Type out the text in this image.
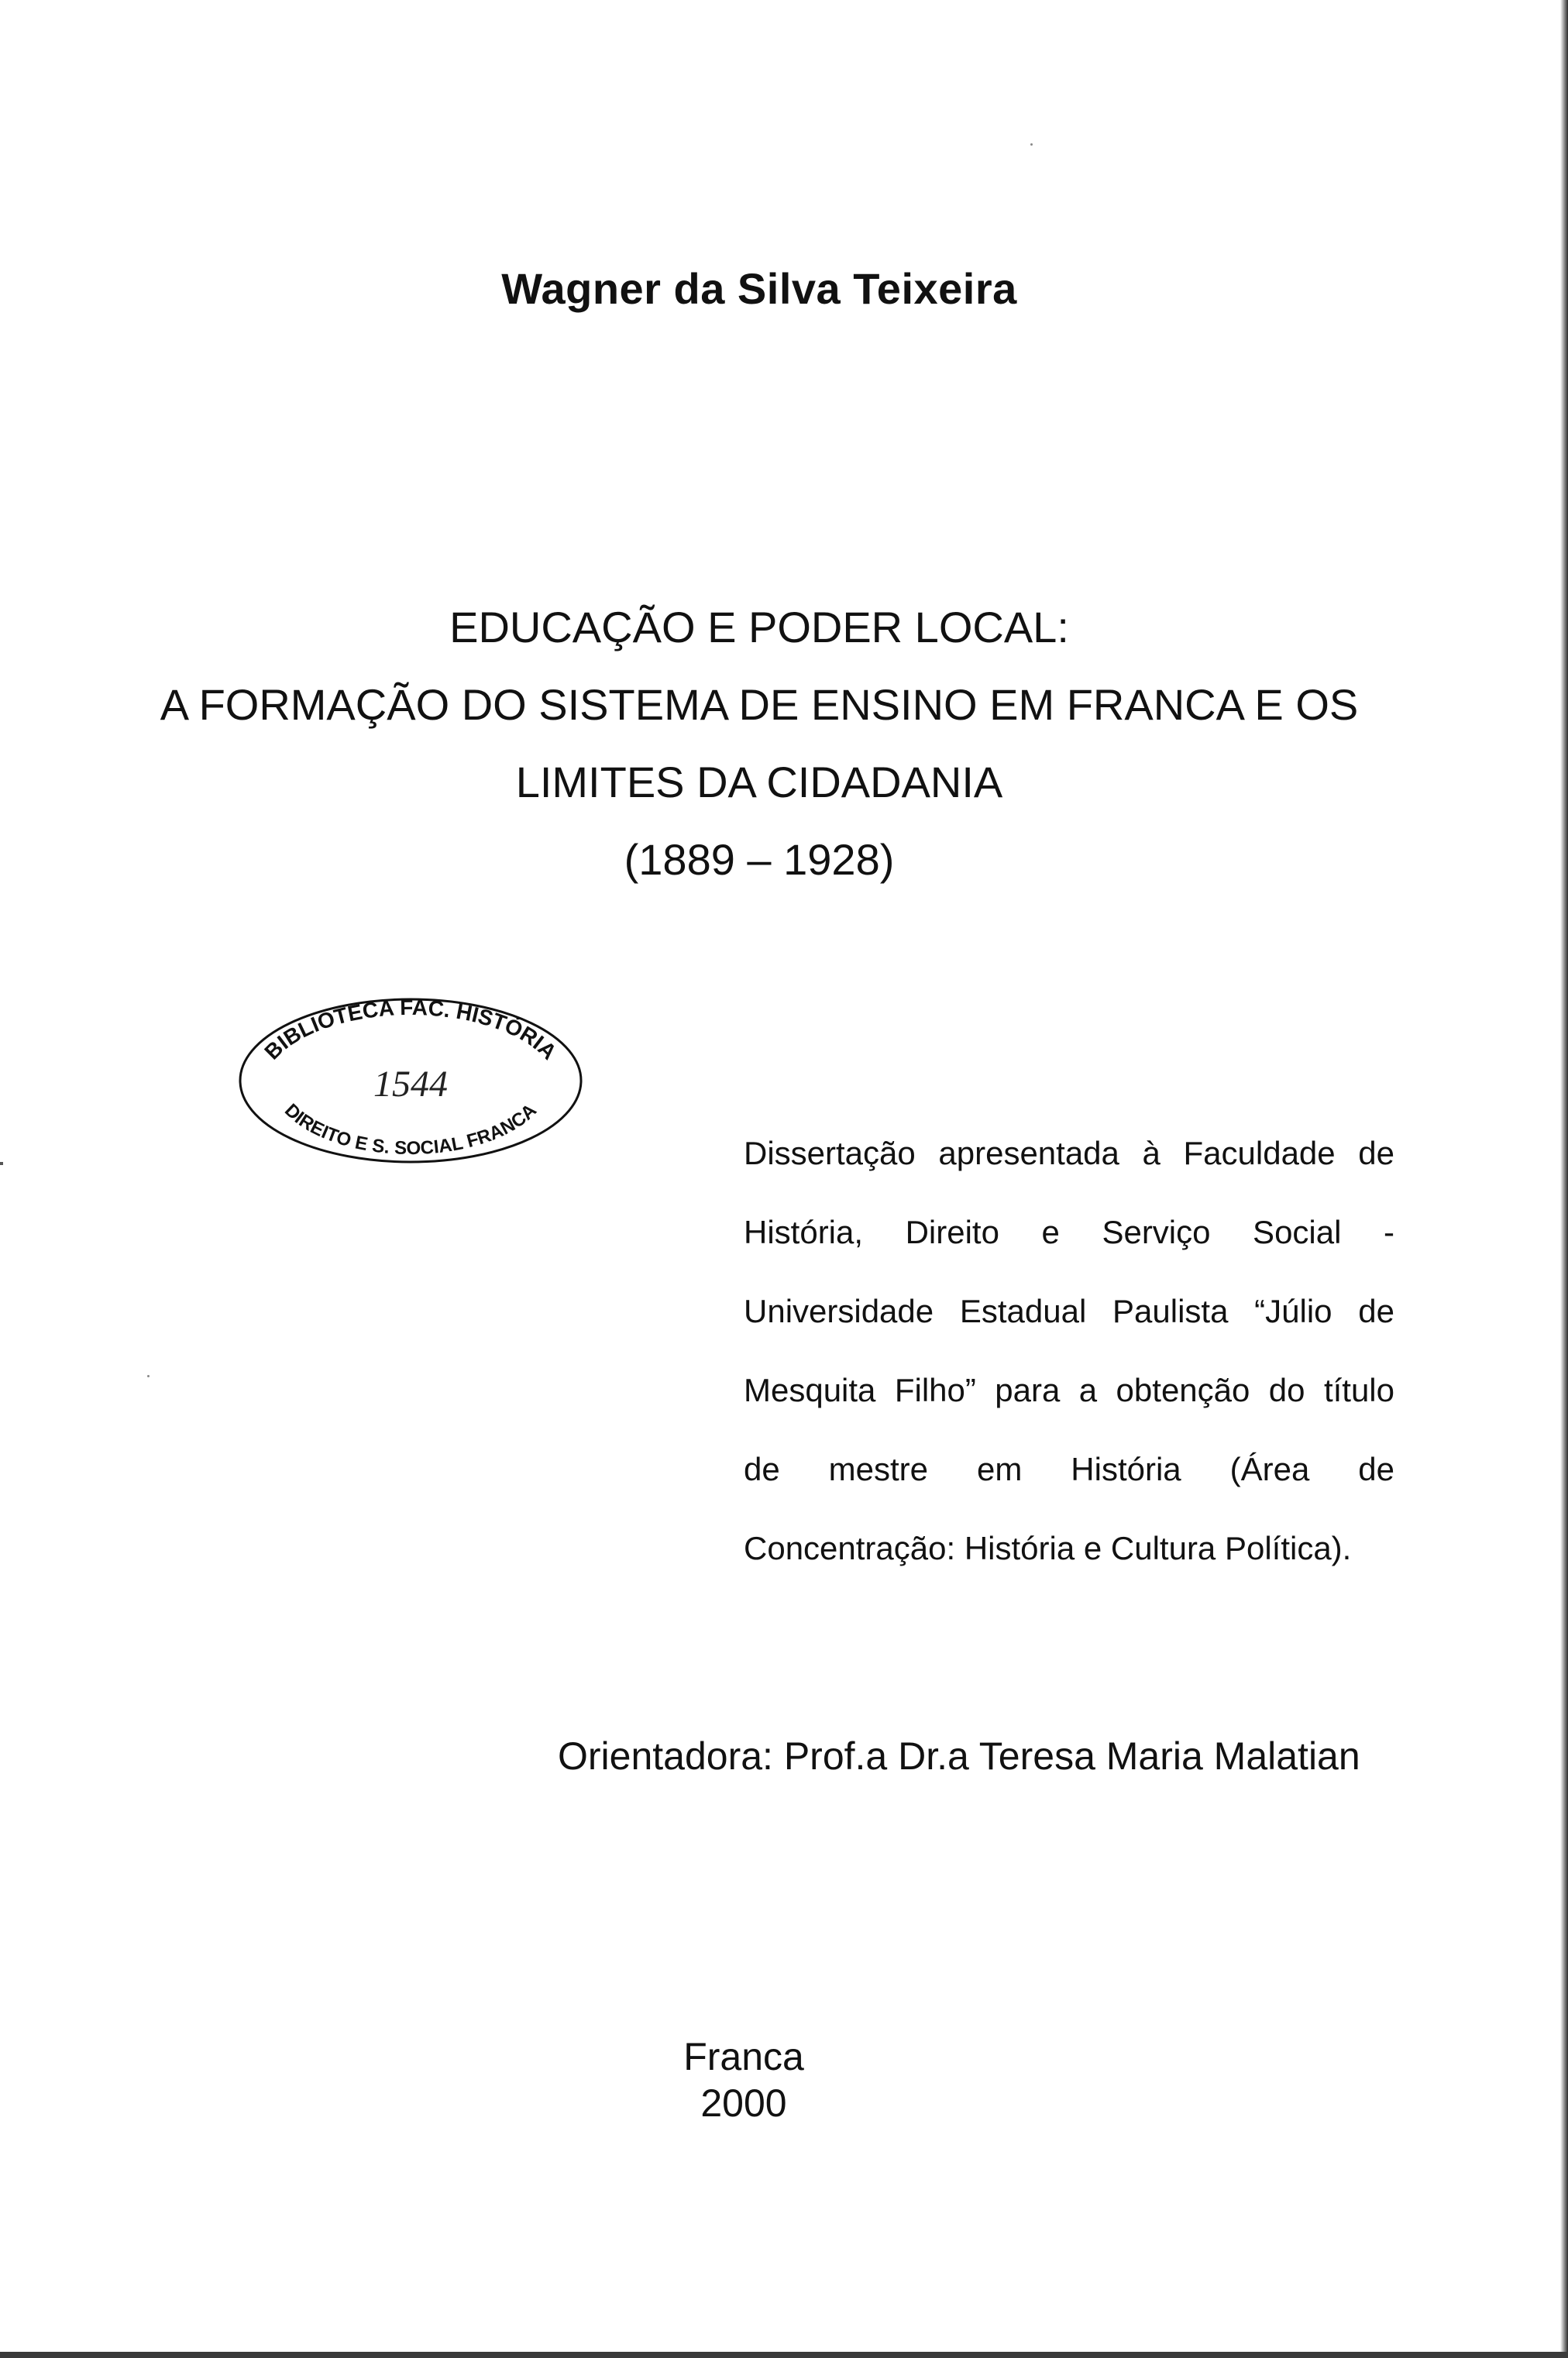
Wagner da Silva Teixeira
EDUCAÇÃO E PODER LOCAL:
A FORMAÇÃO DO SISTEMA DE ENSINO EM FRANCA E OS
LIMITES DA CIDADANIA
(1889 – 1928)
BIBLIOTECA FAC. HISTÓRIA
DIREITO E S. SOCIAL FRANCA
1544
Dissertação apresentada à Faculdade de
História, Direito e Serviço Social -
Universidade Estadual Paulista “Júlio de
Mesquita Filho” para a obtenção do título
de mestre em História (Área de
Concentração: História e Cultura Política).
Orientadora: Prof.a Dr.a Teresa Maria Malatian
Franca
2000
